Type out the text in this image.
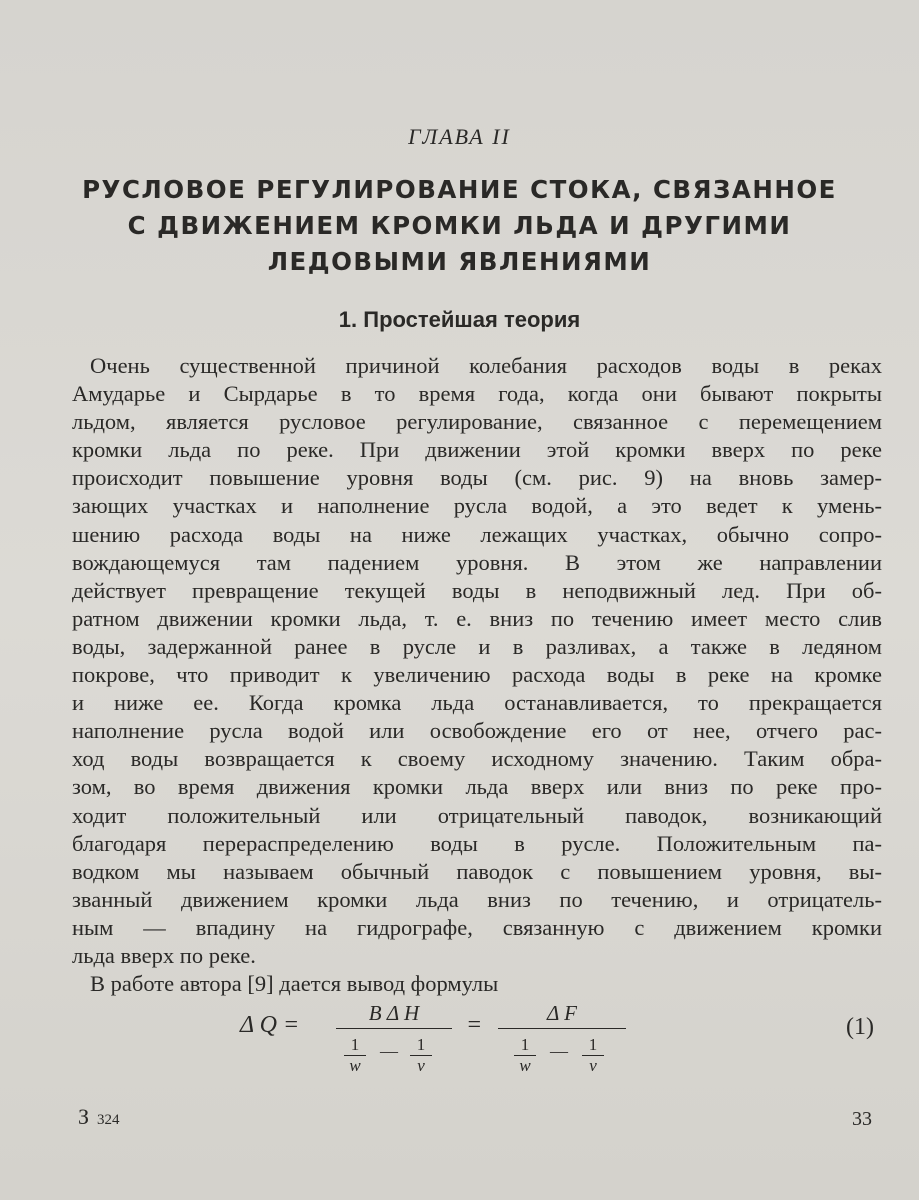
ГЛАВА II
РУСЛОВОЕ РЕГУЛИРОВАНИЕ СТОКА, СВЯЗАННОЕ
С ДВИЖЕНИЕМ КРОМКИ ЛЬДА И ДРУГИМИ
ЛЕДОВЫМИ ЯВЛЕНИЯМИ
1. Простейшая теория
Очень существенной причиной колебания расходов воды в реках
Амударье и Сырдарье в то время года, когда они бывают покрыты
льдом, является русловое регулирование, связанное с перемещением
кромки льда по реке. При движении этой кромки вверх по реке
происходит повышение уровня воды (см. рис. 9) на вновь замер-
зающих участках и наполнение русла водой, а это ведет к умень-
шению расхода воды на ниже лежащих участках, обычно сопро-
вождающемуся там падением уровня. В этом же направлении
действует превращение текущей воды в неподвижный лед. При об-
ратном движении кромки льда, т. е. вниз по течению имеет место слив
воды, задержанной ранее в русле и в разливах, а также в ледяном
покрове, что приводит к увеличению расхода воды в реке на кромке
и ниже ее. Когда кромка льда останавливается, то прекращается
наполнение русла водой или освобождение его от нее, отчего рас-
ход воды возвращается к своему исходному значению. Таким обра-
зом, во время движения кромки льда вверх или вниз по реке про-
ходит положительный или отрицательный паводок, возникающий
благодаря перераспределению воды в русле. Положительным па-
водком мы называем обычный паводок с повышением уровня, вы-
званный движением кромки льда вниз по течению, и отрицатель-
ным — впадину на гидрографе, связанную с движением кромки
льда вверх по реке.
В работе автора [9] дается вывод формулы
Δ Q =	B Δ H
$\frac{1}{w}$ — $\frac{1}{v}$
=	Δ F
$\frac{1}{w}$ — $\frac{1}{v}$
(1)
З 324	33
